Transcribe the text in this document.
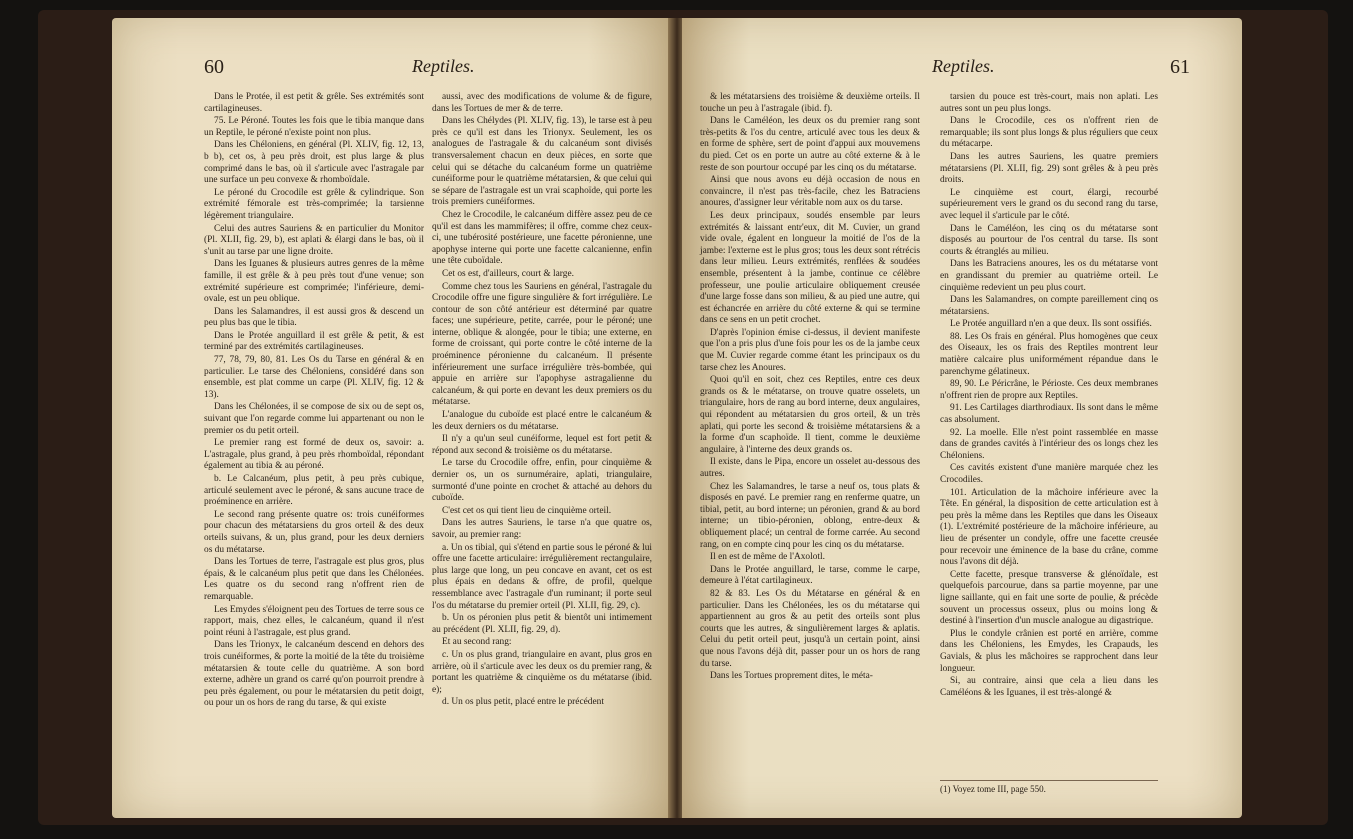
60	Reptiles.

Dans le Protée, il est petit & grêle. Ses extrémités sont cartilagineuses.

75. Le Péroné. Toutes les fois que le tibia manque dans un Reptile, le péroné n'existe point non plus.

Dans les Chéloniens, en général (Pl. XLIV, fig. 12, 13, b b), cet os, à peu près droit, est plus large & plus comprimé dans le bas, où il s'articule avec l'astragale par une surface un peu convexe & rhomboïdale.

Le péroné du Crocodile est grêle & cylindrique. Son extrémité fémorale est très-comprimée; la tarsienne légèrement triangulaire.

Celui des autres Sauriens & en particulier du Monitor (Pl. XLII, fig. 29, b), est aplati & élargi dans le bas, où il s'unit au tarse par une ligne droite.

Dans les Iguanes & plusieurs autres genres de la même famille, il est grêle & à peu près tout d'une venue; son extrémité supérieure est comprimée; l'inférieure, demi-ovale, est un peu oblique.

Dans les Salamandres, il est aussi gros & descend un peu plus bas que le tibia.

Dans le Protée anguillard il est grêle & petit, & est terminé par des extrémités cartilagineuses.

77, 78, 79, 80, 81. Les Os du Tarse en général & en particulier. Le tarse des Chéloniens, considéré dans son ensemble, est plat comme un carpe (Pl. XLIV, fig. 12 & 13).

Dans les Chélonées, il se compose de six ou de sept os, suivant que l'on regarde comme lui appartenant ou non le premier os du petit orteil.

Le premier rang est formé de deux os, savoir: a. L'astragale, plus grand, à peu près rhomboïdal, répondant également au tibia & au péroné.

b. Le Calcanéum, plus petit, à peu près cubique, articulé seulement avec le péroné, & sans aucune trace de proéminence en arrière.

Le second rang présente quatre os: trois cunéiformes pour chacun des métatarsiens du gros orteil & des deux orteils suivans, & un, plus grand, pour les deux derniers os du métatarse.

Dans les Tortues de terre, l'astragale est plus gros, plus épais, & le calcanéum plus petit que dans les Chélonées. Les quatre os du second rang n'offrent rien de remarquable.

Les Emydes s'éloignent peu des Tortues de terre sous ce rapport, mais, chez elles, le calcanéum, quand il n'est point réuni à l'astragale, est plus grand.

Dans les Trionyx, le calcanéum descend en dehors des trois cunéiformes, & porte la moitié de la tête du troisième métatarsien & toute celle du quatrième. A son bord externe, adhère un grand os carré qu'on pourroit prendre à peu près également, ou pour le métatarsien du petit doigt, ou pour un os hors de rang du tarse, & qui existe

aussi, avec des modifications de volume & de figure, dans les Tortues de mer & de terre.

Dans les Chélydes (Pl. XLIV, fig. 13), le tarse est à peu près ce qu'il est dans les Trionyx. Seulement, les os analogues de l'astragale & du calcanéum sont divisés transversalement chacun en deux pièces, en sorte que celui qui se détache du calcanéum forme un quatrième cunéiforme pour le quatrième métatarsien, & que celui qui se sépare de l'astragale est un vrai scaphoïde, qui porte les trois premiers cunéiformes.

Chez le Crocodile, le calcanéum diffère assez peu de ce qu'il est dans les mammifères; il offre, comme chez ceux-ci, une tubérosité postérieure, une facette péronienne, une apophyse interne qui porte une facette calcanienne, enfin une tête cuboïdale.

Cet os est, d'ailleurs, court & large.

Comme chez tous les Sauriens en général, l'astragale du Crocodile offre une figure singulière & fort irrégulière. Le contour de son côté antérieur est déterminé par quatre faces; une supérieure, petite, carrée, pour le péroné; une interne, oblique & alongée, pour le tibia; une externe, en forme de croissant, qui porte contre le côté interne de la proéminence péronienne du calcanéum. Il présente inférieurement une surface irrégulière très-bombée, qui appuie en arrière sur l'apophyse astragalienne du calcanéum, & qui porte en devant les deux premiers os du métatarse.

L'analogue du cuboïde est placé entre le calcanéum & les deux derniers os du métatarse.

Il n'y a qu'un seul cunéiforme, lequel est fort petit & répond aux second & troisième os du métatarse.

Le tarse du Crocodile offre, enfin, pour cinquième & dernier os, un os surnuméraire, aplati, triangulaire, surmonté d'une pointe en crochet & attaché au dehors du cuboïde.

C'est cet os qui tient lieu de cinquième orteil.

Dans les autres Sauriens, le tarse n'a que quatre os, savoir, au premier rang:

a. Un os tibial, qui s'étend en partie sous le péroné & lui offre une facette articulaire: irrégulièrement rectangulaire, plus large que long, un peu concave en avant, cet os est plus épais en dedans & offre, de profil, quelque ressemblance avec l'astragale d'un ruminant; il porte seul l'os du métatarse du premier orteil (Pl. XLII, fig. 29, c).

b. Un os péronien plus petit & bientôt uni intimement au précédent (Pl. XLII, fig. 29, d).

Et au second rang:

c. Un os plus grand, triangulaire en avant, plus gros en arrière, où il s'articule avec les deux os du premier rang, & portant les quatrième & cinquième os du métatarse (ibid. e);

d. Un os plus petit, placé entre le précédent

Reptiles.	61

& les métatarsiens des troisième & deuxième orteils. Il touche un peu à l'astragale (ibid. f).

Dans le Caméléon, les deux os du premier rang sont très-petits & l'os du centre, articulé avec tous les deux & en forme de sphère, sert de point d'appui aux mouvemens du pied. Cet os en porte un autre au côté externe & à le reste de son pourtour occupé par les cinq os du métatarse.

Ainsi que nous avons eu déjà occasion de nous en convaincre, il n'est pas très-facile, chez les Batraciens anoures, d'assigner leur véritable nom aux os du tarse.

Les deux principaux, soudés ensemble par leurs extrémités & laissant entr'eux, dit M. Cuvier, un grand vide ovale, égalent en longueur la moitié de l'os de la jambe: l'externe est le plus gros; tous les deux sont rétrécis dans leur milieu. Leurs extrémités, renflées & soudées ensemble, présentent à la jambe, continue ce célèbre professeur, une poulie articulaire obliquement creusée d'une large fosse dans son milieu, & au pied une autre, qui est échancrée en arrière du côté externe & qui se termine dans ce sens en un petit crochet.

D'après l'opinion émise ci-dessus, il devient manifeste que l'on a pris plus d'une fois pour les os de la jambe ceux que M. Cuvier regarde comme étant les principaux os du tarse chez les Anoures.

Quoi qu'il en soit, chez ces Reptiles, entre ces deux grands os & le métatarse, on trouve quatre osselets, un triangulaire, hors de rang au bord interne, deux angulaires, qui répondent au métatarsien du gros orteil, & un très aplati, qui porte les second & troisième métatarsiens & a la forme d'un scaphoïde. Il tient, comme le deuxième angulaire, à l'interne des deux grands os.

Il existe, dans le Pipa, encore un osselet au-dessous des autres.

Chez les Salamandres, le tarse a neuf os, tous plats & disposés en pavé. Le premier rang en renferme quatre, un tibial, petit, au bord interne; un péronien, grand & au bord interne; un tibio-péronien, oblong, entre-deux & obliquement placé; un central de forme carrée. Au second rang, on en compte cinq pour les cinq os du métatarse.

Il en est de même de l'Axolotl.

Dans le Protée anguillard, le tarse, comme le carpe, demeure à l'état cartilagineux.

82 & 83. Les Os du Métatarse en général & en particulier. Dans les Chélonées, les os du métatarse qui appartiennent au gros & au petit des orteils sont plus courts que les autres, & singulièrement larges & aplatis. Celui du petit orteil peut, jusqu'à un certain point, ainsi que nous l'avons déjà dit, passer pour un os hors de rang du tarse.

Dans les Tortues proprement dites, le méta-

tarsien du pouce est très-court, mais non aplati. Les autres sont un peu plus longs.

Dans le Crocodile, ces os n'offrent rien de remarquable; ils sont plus longs & plus réguliers que ceux du métacarpe.

Dans les autres Sauriens, les quatre premiers métatarsiens (Pl. XLII, fig. 29) sont grêles & à peu près droits.

Le cinquième est court, élargi, recourbé supérieurement vers le grand os du second rang du tarse, avec lequel il s'articule par le côté.

Dans le Caméléon, les cinq os du métatarse sont disposés au pourtour de l'os central du tarse. Ils sont courts & étranglés au milieu.

Dans les Batraciens anoures, les os du métatarse vont en grandissant du premier au quatrième orteil. Le cinquième redevient un peu plus court.

Dans les Salamandres, on compte pareillement cinq os métatarsiens.

Le Protée anguillard n'en a que deux. Ils sont ossifiés.

88. Les Os frais en général. Plus homogènes que ceux des Oiseaux, les os frais des Reptiles montrent leur matière calcaire plus uniformément répandue dans le parenchyme gélatineux.

89, 90. Le Péricrâne, le Périoste. Ces deux membranes n'offrent rien de propre aux Reptiles.

91. Les Cartilages diarthrodiaux. Ils sont dans le même cas absolument.

92. La moelle. Elle n'est point rassemblée en masse dans de grandes cavités à l'intérieur des os longs chez les Chéloniens.

Ces cavités existent d'une manière marquée chez les Crocodiles.

101. Articulation de la mâchoire inférieure avec la Tête. En général, la disposition de cette articulation est à peu près la même dans les Reptiles que dans les Oiseaux (1). L'extrémité postérieure de la mâchoire inférieure, au lieu de présenter un condyle, offre une facette creusée pour recevoir une éminence de la base du crâne, comme nous l'avons dit déjà.

Cette facette, presque transverse & glénoïdale, est quelquefois parcourue, dans sa partie moyenne, par une ligne saillante, qui en fait une sorte de poulie, & précède souvent un processus osseux, plus ou moins long & destiné à l'insertion d'un muscle analogue au digastrique.

Plus le condyle crânien est porté en arrière, comme dans les Chéloniens, les Emydes, les Crapauds, les Gavials, & plus les mâchoires se rapprochent dans leur longueur.

Si, au contraire, ainsi que cela a lieu dans les Caméléons & les Iguanes, il est très-alongé &

(1) Voyez tome III, page 550.
